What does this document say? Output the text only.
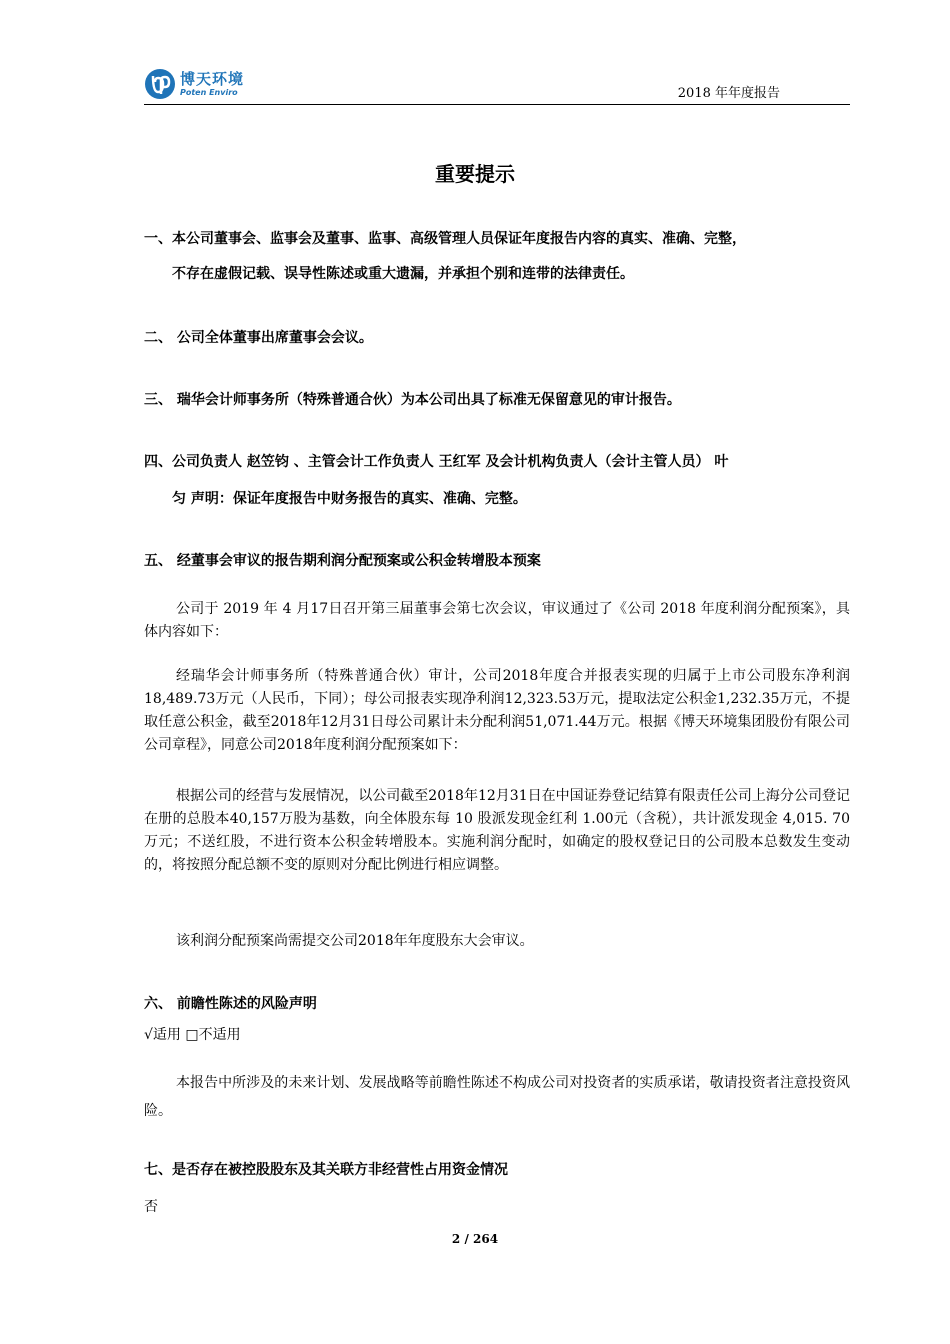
博天环境
Poten Enviro	2018 年年度报告
重要提示
一、本公司董事会、监事会及董事、监事、高级管理人员保证年度报告内容的真实、准确、完整，
不存在虚假记载、误导性陈述或重大遗漏，并承担个别和连带的法律责任。
二、 公司全体董事出席董事会会议。
三、 瑞华会计师事务所（特殊普通合伙）为本公司出具了标准无保留意见的审计报告。
四、公司负责人 赵笠钧 、主管会计工作负责人 王红军 及会计机构负责人（会计主管人员） 叶
匀 声明：保证年度报告中财务报告的真实、准确、完整。
五、 经董事会审议的报告期利润分配预案或公积金转增股本预案
公司于 2019 年 4 月17日召开第三届董事会第七次会议，审议通过了《公司 2018 年度利润分配预案》，具体内容如下：
经瑞华会计师事务所（特殊普通合伙）审计，公司2018年度合并报表实现的归属于上市公司股东净利润18,489.73万元（人民币，下同）；母公司报表实现净利润12,323.53万元，提取法定公积金1,232.35万元，不提取任意公积金，截至2018年12月31日母公司累计未分配利润51,071.44万元。根据《博天环境集团股份有限公司公司章程》，同意公司2018年度利润分配预案如下：
根据公司的经营与发展情况，以公司截至2018年12月31日在中国证券登记结算有限责任公司上海分公司登记在册的总股本40,157万股为基数，向全体股东每 10 股派发现金红利 1.00元（含税），共计派发现金 4,015. 70万元；不送红股，不进行资本公积金转增股本。实施利润分配时，如确定的股权登记日的公司股本总数发生变动的，将按照分配总额不变的原则对分配比例进行相应调整。
该利润分配预案尚需提交公司2018年年度股东大会审议。
六、 前瞻性陈述的风险声明
√适用 □不适用
本报告中所涉及的未来计划、发展战略等前瞻性陈述不构成公司对投资者的实质承诺，敬请投资者注意投资风险。
七、是否存在被控股股东及其关联方非经营性占用资金情况
否
2 / 264
